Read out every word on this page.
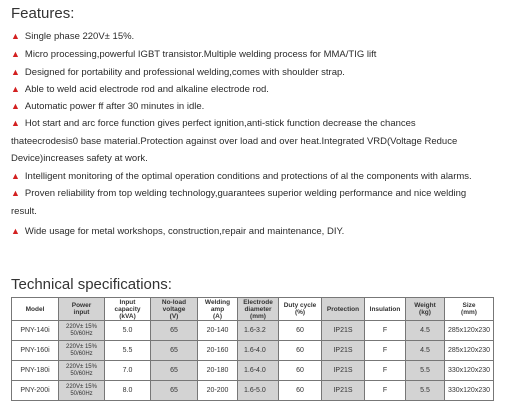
Features:
▲ Single phase 220V± 15%.
▲ Micro processing,powerful IGBT transistor.Multiple welding process for MMA/TIG lift
▲ Designed for portability and professional welding,comes with shoulder strap.
▲ Able to weld acid electrode rod and alkaline electrode rod.
▲ Automatic power ff after 30 minutes in idle.
▲ Hot start and arc force function gives perfect ignition,anti-stick function decrease the chances
thateecrodesis0 base material.Protection against over load and over heat.Integrated VRD(Voltage Reduce
Device)increases safety at work.
▲ Intelligent monitoring of the optimal operation conditions and protections of al the components with alarms.
▲ Proven reliability from top welding technology,guarantees superior welding performance and nice welding
result.
▲ Wide usage for metal workshops, construction,repair and maintenance, DIY.
Technical specifications:
Model	Power
input	Input
capacity
(kVA)	No-load
voltage
(V)	Welding
amp
(A)	Electrode
diameter
(mm)	Duty cycle
(%)	Protection	Insulation	Weight
(kg)	Size
(mm)
PNY-140i	220V± 15%
50/60Hz	5.0	65	20-140	1.6-3.2	60	IP21S	F	4.5	285x120x230
PNY-160i	220V± 15%
50/60Hz	5.5	65	20-160	1.6-4.0	60	IP21S	F	4.5	285x120x230
PNY-180i	220V± 15%
50/60Hz	7.0	65	20-180	1.6-4.0	60	IP21S	F	5.5	330x120x230
PNY-200i	220V± 15%
50/60Hz	8.0	65	20-200	1.6-5.0	60	IP21S	F	5.5	330x120x230
